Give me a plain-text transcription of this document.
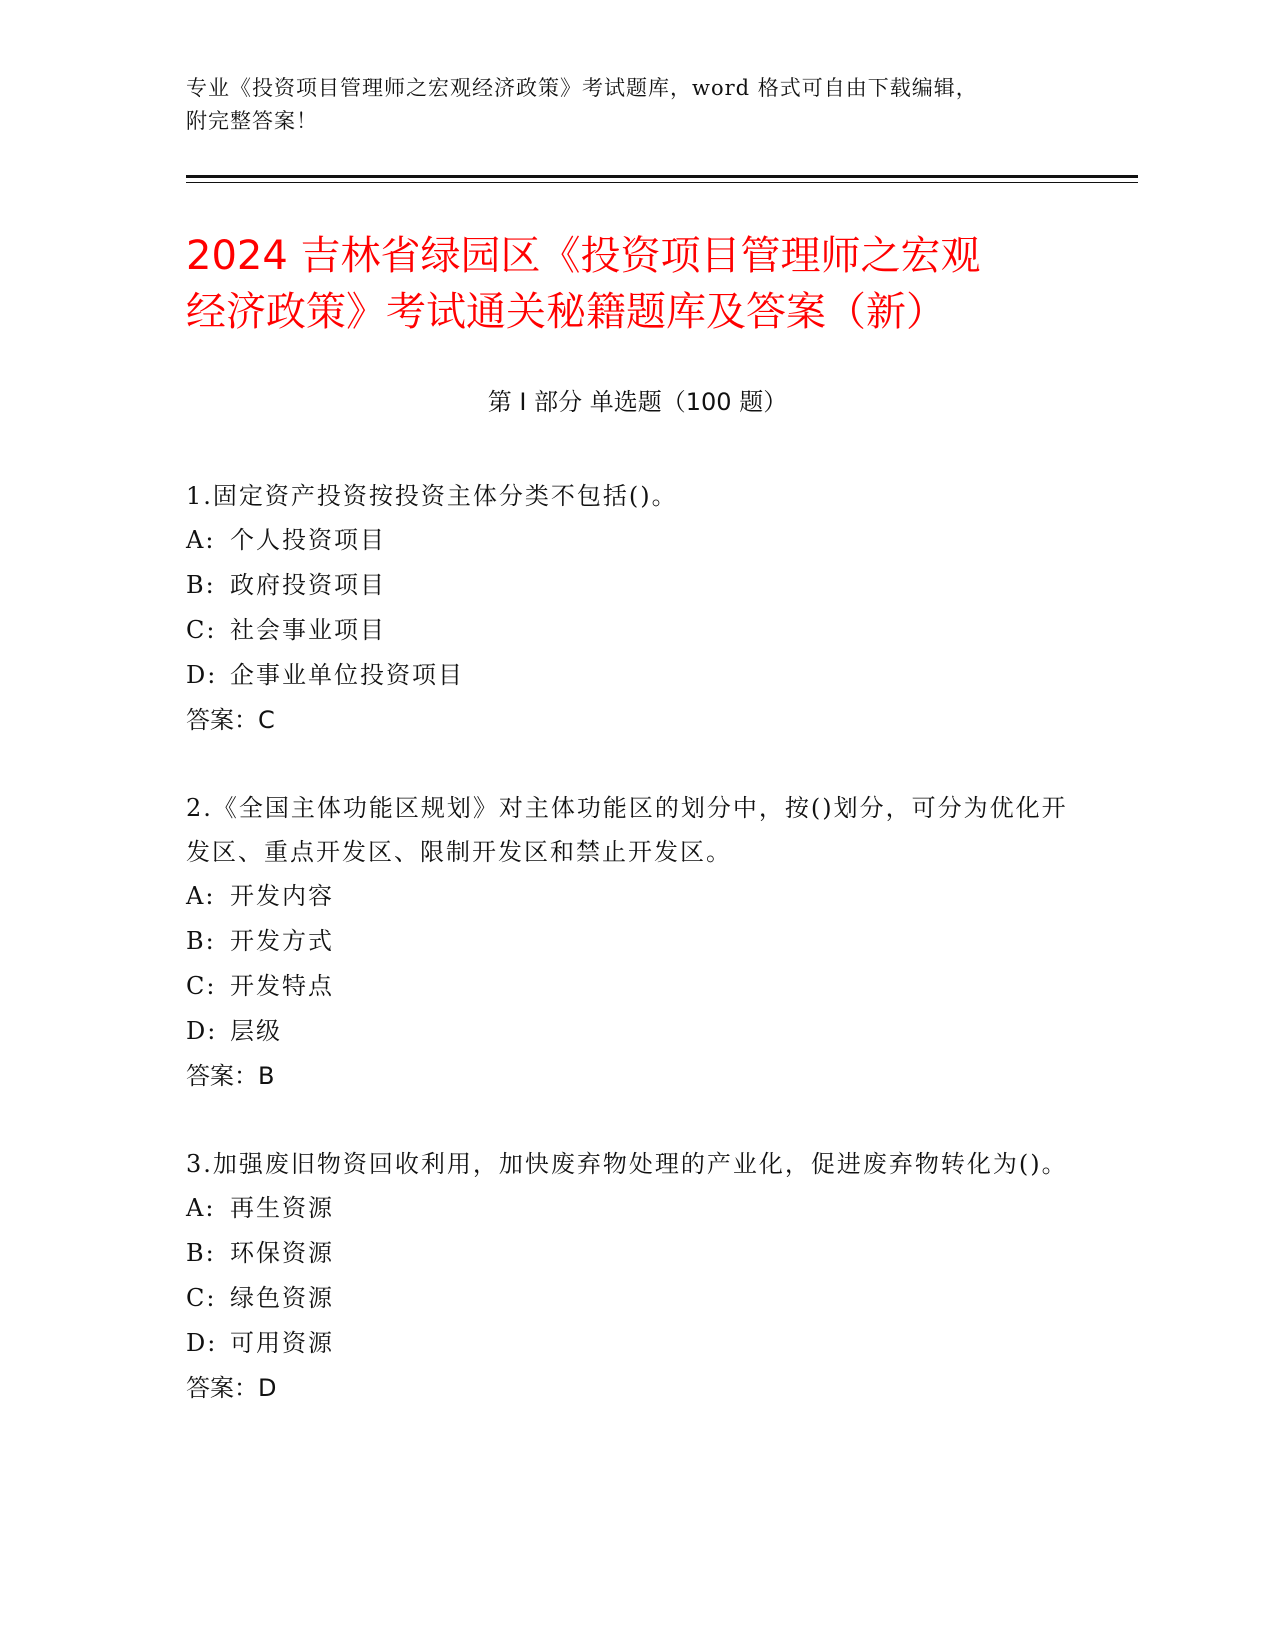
专业《投资项目管理师之宏观经济政策》考试题库，word 格式可自由下载编辑，
附完整答案！
2024 吉林省绿园区《投资项目管理师之宏观
经济政策》考试通关秘籍题库及答案（新）
第 I 部分 单选题（100 题）
1.固定资产投资按投资主体分类不包括()。
A: 个人投资项目
B: 政府投资项目
C: 社会事业项目
D: 企事业单位投资项目
答案：C
2.《全国主体功能区规划》对主体功能区的划分中，按()划分，可分为优化开发区、重点开发区、限制开发区和禁止开发区。
A: 开发内容
B: 开发方式
C: 开发特点
D: 层级
答案：B
3.加强废旧物资回收利用，加快废弃物处理的产业化，促进废弃物转化为()。
A: 再生资源
B: 环保资源
C: 绿色资源
D: 可用资源
答案：D
